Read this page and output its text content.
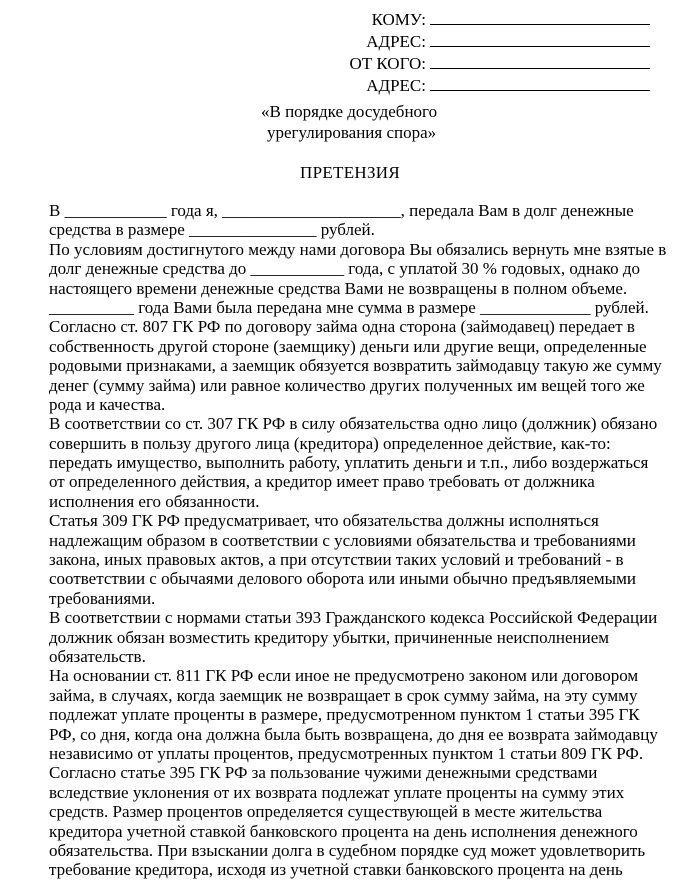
КОМУ:
АДРЕС:
ОТ КОГО:
АДРЕС:
«В порядке досудебного
урегулирования спора»
ПРЕТЕНЗИЯ
В ____________ года я, _____________________, передала Вам в долг денежные
средства в размере _______________ рублей.
По условиям достигнутого между нами договора Вы обязались вернуть мне взятые в
долг денежные средства до ___________ года, с уплатой 30 % годовых, однако до
настоящего времени денежные средства Вами не возвращены в полном объеме.
__________ года Вами была передана мне сумма в размере _____________ рублей.
Согласно ст. 807 ГК РФ по договору займа одна сторона (займодавец) передает в
собственность другой стороне (заемщику) деньги или другие вещи, определенные
родовыми признаками, а заемщик обязуется возвратить займодавцу такую же сумму
денег (сумму займа) или равное количество других полученных им вещей того же
рода и качества.
В соответствии со ст. 307 ГК РФ в силу обязательства одно лицо (должник) обязано
совершить в пользу другого лица (кредитора) определенное действие, как-то:
передать имущество, выполнить работу, уплатить деньги и т.п., либо воздержаться
от определенного действия, а кредитор имеет право требовать от должника
исполнения его обязанности.
Статья 309 ГК РФ предусматривает, что обязательства должны исполняться
надлежащим образом в соответствии с условиями обязательства и требованиями
закона, иных правовых актов, а при отсутствии таких условий и требований - в
соответствии с обычаями делового оборота или иными обычно предъявляемыми
требованиями.
В соответствии с нормами статьи 393 Гражданского кодекса Российской Федерации
должник обязан возместить кредитору убытки, причиненные неисполнением
обязательств.
На основании ст. 811 ГК РФ если иное не предусмотрено законом или договором
займа, в случаях, когда заемщик не возвращает в срок сумму займа, на эту сумму
подлежат уплате проценты в размере, предусмотренном пунктом 1 статьи 395 ГК
РФ, со дня, когда она должна была быть возвращена, до дня ее возврата займодавцу
независимо от уплаты процентов, предусмотренных пунктом 1 статьи 809 ГК РФ.
Согласно статье 395 ГК РФ за пользование чужими денежными средствами
вследствие уклонения от их возврата подлежат уплате проценты на сумму этих
средств. Размер процентов определяется существующей в месте жительства
кредитора учетной ставкой банковского процента на день исполнения денежного
обязательства. При взыскании долга в судебном порядке суд может удовлетворить
требование кредитора, исходя из учетной ставки банковского процента на день
